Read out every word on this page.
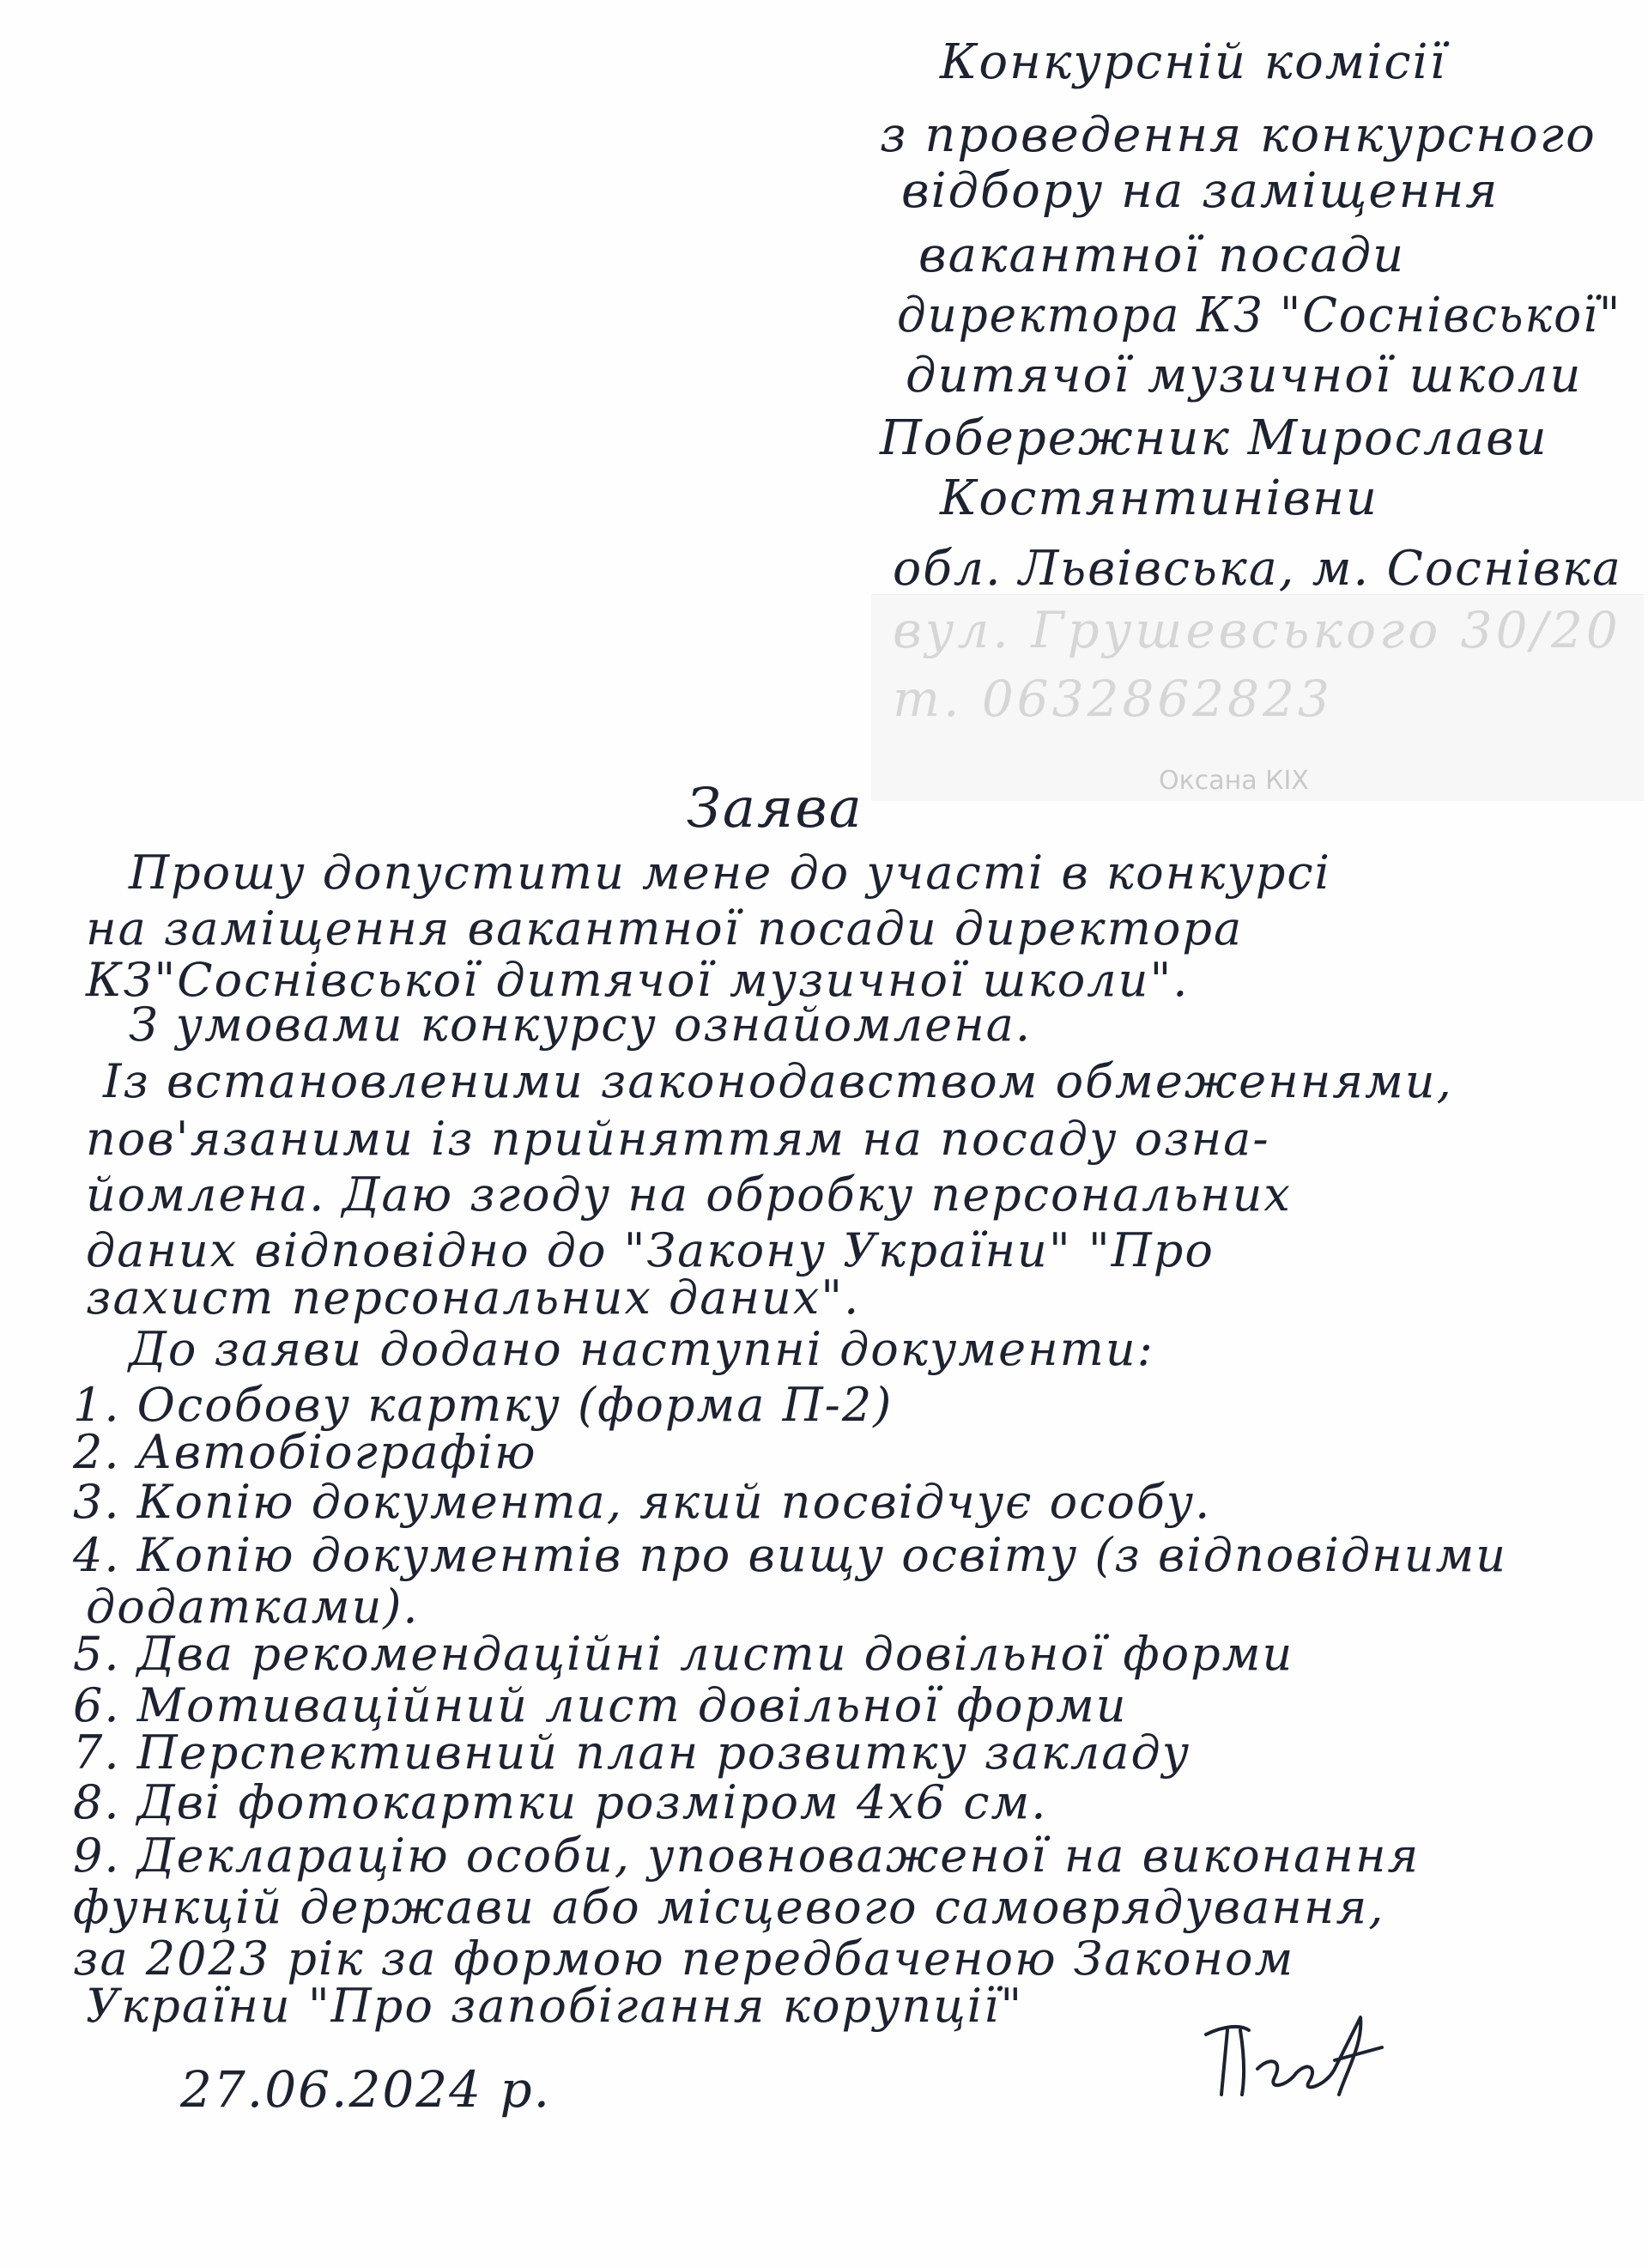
Конкурсній комісії
з проведення конкурсного
відбору на заміщення
вакантної посади
директора КЗ "Соснівської"
дитячої музичної школи
Побережник Мирослави
Костянтинівни
обл. Львівська, м. Соснівка
вул. Грушевського 30/20
т. 0632862823
Оксана КІХ
Заява
Прошу допустити мене до участі в конкурсі
на заміщення вакантної посади директора
КЗ"Соснівської дитячої музичної школи".
З умовами конкурсу ознайомлена.
Із встановленими законодавством обмеженнями,
пов'язаними із прийняттям на посаду озна-
йомлена. Даю згоду на обробку персональних
даних відповідно до "Закону України" "Про
захист персональних даних".
До заяви додано наступні документи:
1. Особову картку (форма П-2)
2. Автобіографію
3. Копію документа, який посвідчує особу.
4. Копію документів про вищу освіту (з відповідними
додатками).
5. Два рекомендаційні листи довільної форми
6. Мотиваційний лист довільної форми
7. Перспективний план розвитку закладу
8. Дві фотокартки розміром 4х6 см.
9. Декларацію особи, уповноваженої на виконання
функцій держави або місцевого самоврядування,
за 2023 рік за формою передбаченою Законом
України "Про запобігання корупції"
27.06.2024 р.
